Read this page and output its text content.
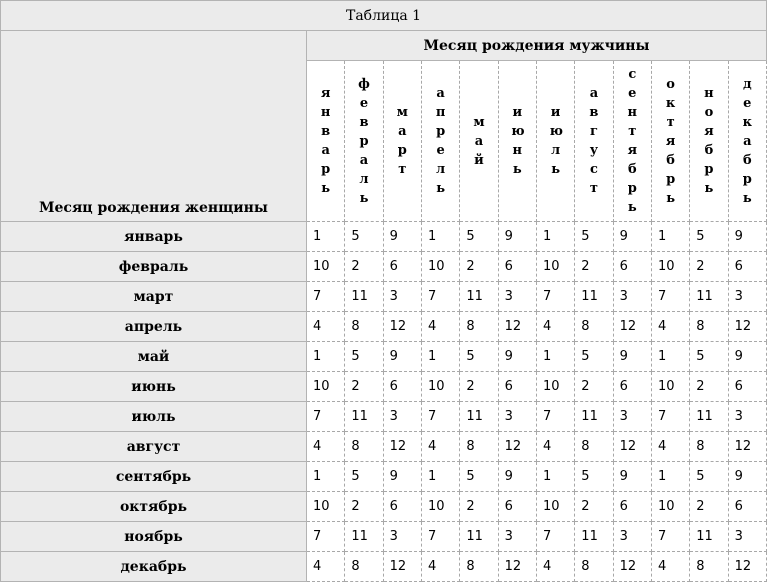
Таблица 1												
Месяц рождения женщины	Месяц рождения мужчины											
	январь	февраль	март	апрель	май	июнь	июль	август	сентябрь	октябрь	ноябрь	декабрь
январь	1	5	9	1	5	9	1	5	9	1	5	9
февраль	10	2	6	10	2	6	10	2	6	10	2	6
март	7	11	3	7	11	3	7	11	3	7	11	3
апрель	4	8	12	4	8	12	4	8	12	4	8	12
май	1	5	9	1	5	9	1	5	9	1	5	9
июнь	10	2	6	10	2	6	10	2	6	10	2	6
июль	7	11	3	7	11	3	7	11	3	7	11	3
август	4	8	12	4	8	12	4	8	12	4	8	12
сентябрь	1	5	9	1	5	9	1	5	9	1	5	9
октябрь	10	2	6	10	2	6	10	2	6	10	2	6
ноябрь	7	11	3	7	11	3	7	11	3	7	11	3
декабрь	4	8	12	4	8	12	4	8	12	4	8	12
